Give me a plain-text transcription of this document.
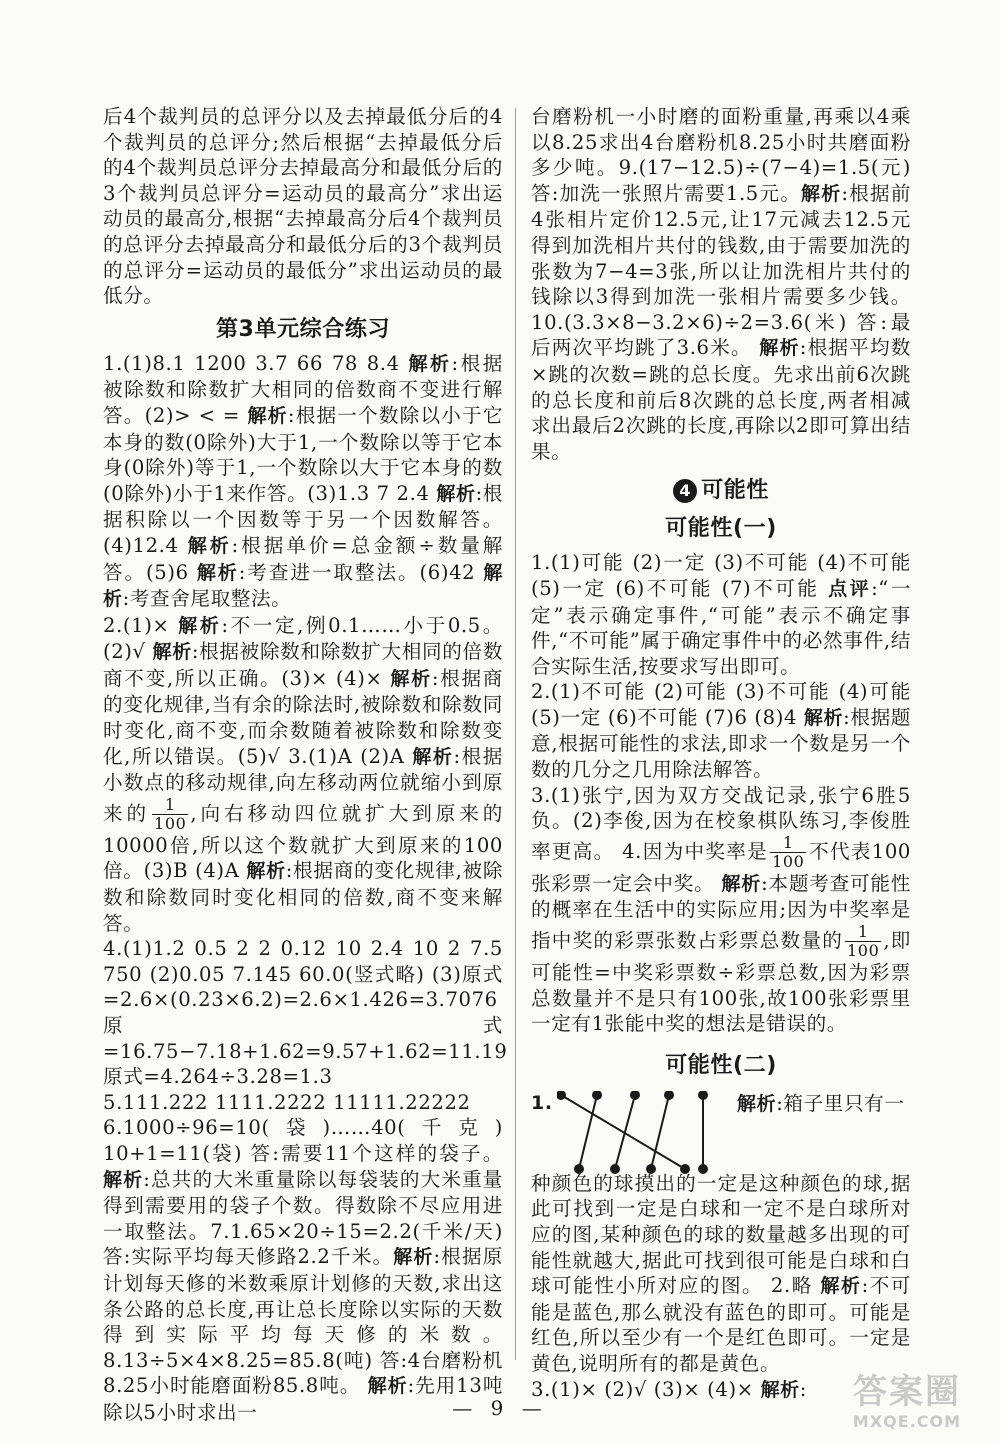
后4个裁判员的总评分以及去掉最低分后的4个裁判员的总评分;然后根据“去掉最低分后的4个裁判员总评分去掉最高分和最低分后的3个裁判员总评分=运动员的最高分”求出运动员的最高分,根据“去掉最高分后4个裁判员的总评分去掉最高分和最低分后的3个裁判员的总评分=运动员的最低分”求出运动员的最低分。

第3单元综合练习

1.(1)8.1 1200 3.7 66 78 8.4 解析:根据被除数和除数扩大相同的倍数商不变进行解答。(2)> < = 解析:根据一个数除以小于它本身的数(0除外)大于1,一个数除以等于它本身(0除外)等于1,一个数除以大于它本身的数(0除外)小于1来作答。(3)1.3 7 2.4 解析:根据积除以一个因数等于另一个因数解答。(4)12.4 解析:根据单价=总金额÷数量解答。(5)6 解析:考查进一取整法。(6)42 解析:考查舍尾取整法。

2.(1)× 解析:不一定,例0.1……小于0.5。(2)√ 解析:根据被除数和除数扩大相同的倍数商不变,所以正确。(3)× (4)× 解析:根据商的变化规律,当有余的除法时,被除数和除数同时变化,商不变,而余数随着被除数和除数变化,所以错误。(5)√ 3.(1)A (2)A 解析:根据小数点的移动规律,向左移动两位就缩小到原来的 $\frac{1}{100}$ ,向右移动四位就扩大到原来的10000倍,所以这个数就扩大到原来的100倍。(3)B (4)A 解析:根据商的变化规律,被除数和除数同时变化相同的倍数,商不变来解答。

4.(1)1.2 0.5 2 2 0.12 10 2.4 10 2 7.5 750 (2)0.05 7.145 60.0(竖式略) (3)原式=2.6×(0.23×6.2)=2.6×1.426=3.7076 原式=16.75−7.18+1.62=9.57+1.62=11.19 原式=4.264÷3.28=1.3

5.111.222 1111.2222 11111.22222

6.1000÷96=10(袋)……40(千克) 10+1=11(袋) 答:需要11个这样的袋子。 解析:总共的大米重量除以每袋装的大米重量得到需要用的袋子个数。得数除不尽应用进一取整法。7.1.65×20÷15=2.2(千米/天) 答:实际平均每天修路2.2千米。解析:根据原计划每天修的米数乘原计划修的天数,求出这条公路的总长度,再让总长度除以实际的天数得到实际平均每天修的米数。8.13÷5×4×8.25=85.8(吨) 答:4台磨粉机8.25小时能磨面粉85.8吨。 解析:先用13吨除以5小时求出一

台磨粉机一小时磨的面粉重量,再乘以4乘以8.25求出4台磨粉机8.25小时共磨面粉多少吨。9.(17−12.5)÷(7−4)=1.5(元) 答:加洗一张照片需要1.5元。解析:根据前4张相片定价12.5元,让17元减去12.5元得到加洗相片共付的钱数,由于需要加洗的张数为7−4=3张,所以让加洗相片共付的钱除以3得到加洗一张相片需要多少钱。10.(3.3×8−3.2×6)÷2=3.6(米) 答:最后两次平均跳了3.6米。 解析:根据平均数×跳的次数=跳的总长度。先求出前6次跳的总长度和前后8次跳的总长度,两者相减求出最后2次跳的长度,再除以2即可算出结果。

4 可能性
可能性(一)

1.(1)可能 (2)一定 (3)不可能 (4)不可能 (5)一定 (6)不可能 (7)不可能 点评:“一定”表示确定事件,“可能”表示不确定事件,“不可能”属于确定事件中的必然事件,结合实际生活,按要求写出即可。

2.(1)不可能 (2)可能 (3)不可能 (4)可能 (5)一定 (6)不可能 (7)6 (8)4 解析:根据题意,根据可能性的求法,即求一个数是另一个数的几分之几用除法解答。

3.(1)张宁,因为双方交战记录,张宁6胜5负。(2)李俊,因为在校象棋队练习,李俊胜率更高。 4.因为中奖率是 $\frac{1}{100}$ 不代表100张彩票一定会中奖。 解析:本题考查可能性的概率在生活中的实际应用;因为中奖率是指中奖的彩票张数占彩票总数量的 $\frac{1}{100}$ ,即可能性=中奖彩票数÷彩票总数,因为彩票总数量并不是只有100张,故100张彩票里一定有1张能中奖的想法是错误的。

可能性(二)
1.	解析:箱子里只有一

种颜色的球摸出的一定是这种颜色的球,据此可找到一定是白球和一定不是白球所对应的图,某种颜色的球的数量越多出现的可能性就越大,据此可找到很可能是白球和白球可能性小所对应的图。 2.略 解析:不可能是蓝色,那么就没有蓝色的即可。可能是红色,所以至少有一个是红色即可。一定是黄色,说明所有的都是黄色。

3.(1)× (2)√ (3)× (4)× 解析:

— 9 —	答案圈
MXQE.COM
